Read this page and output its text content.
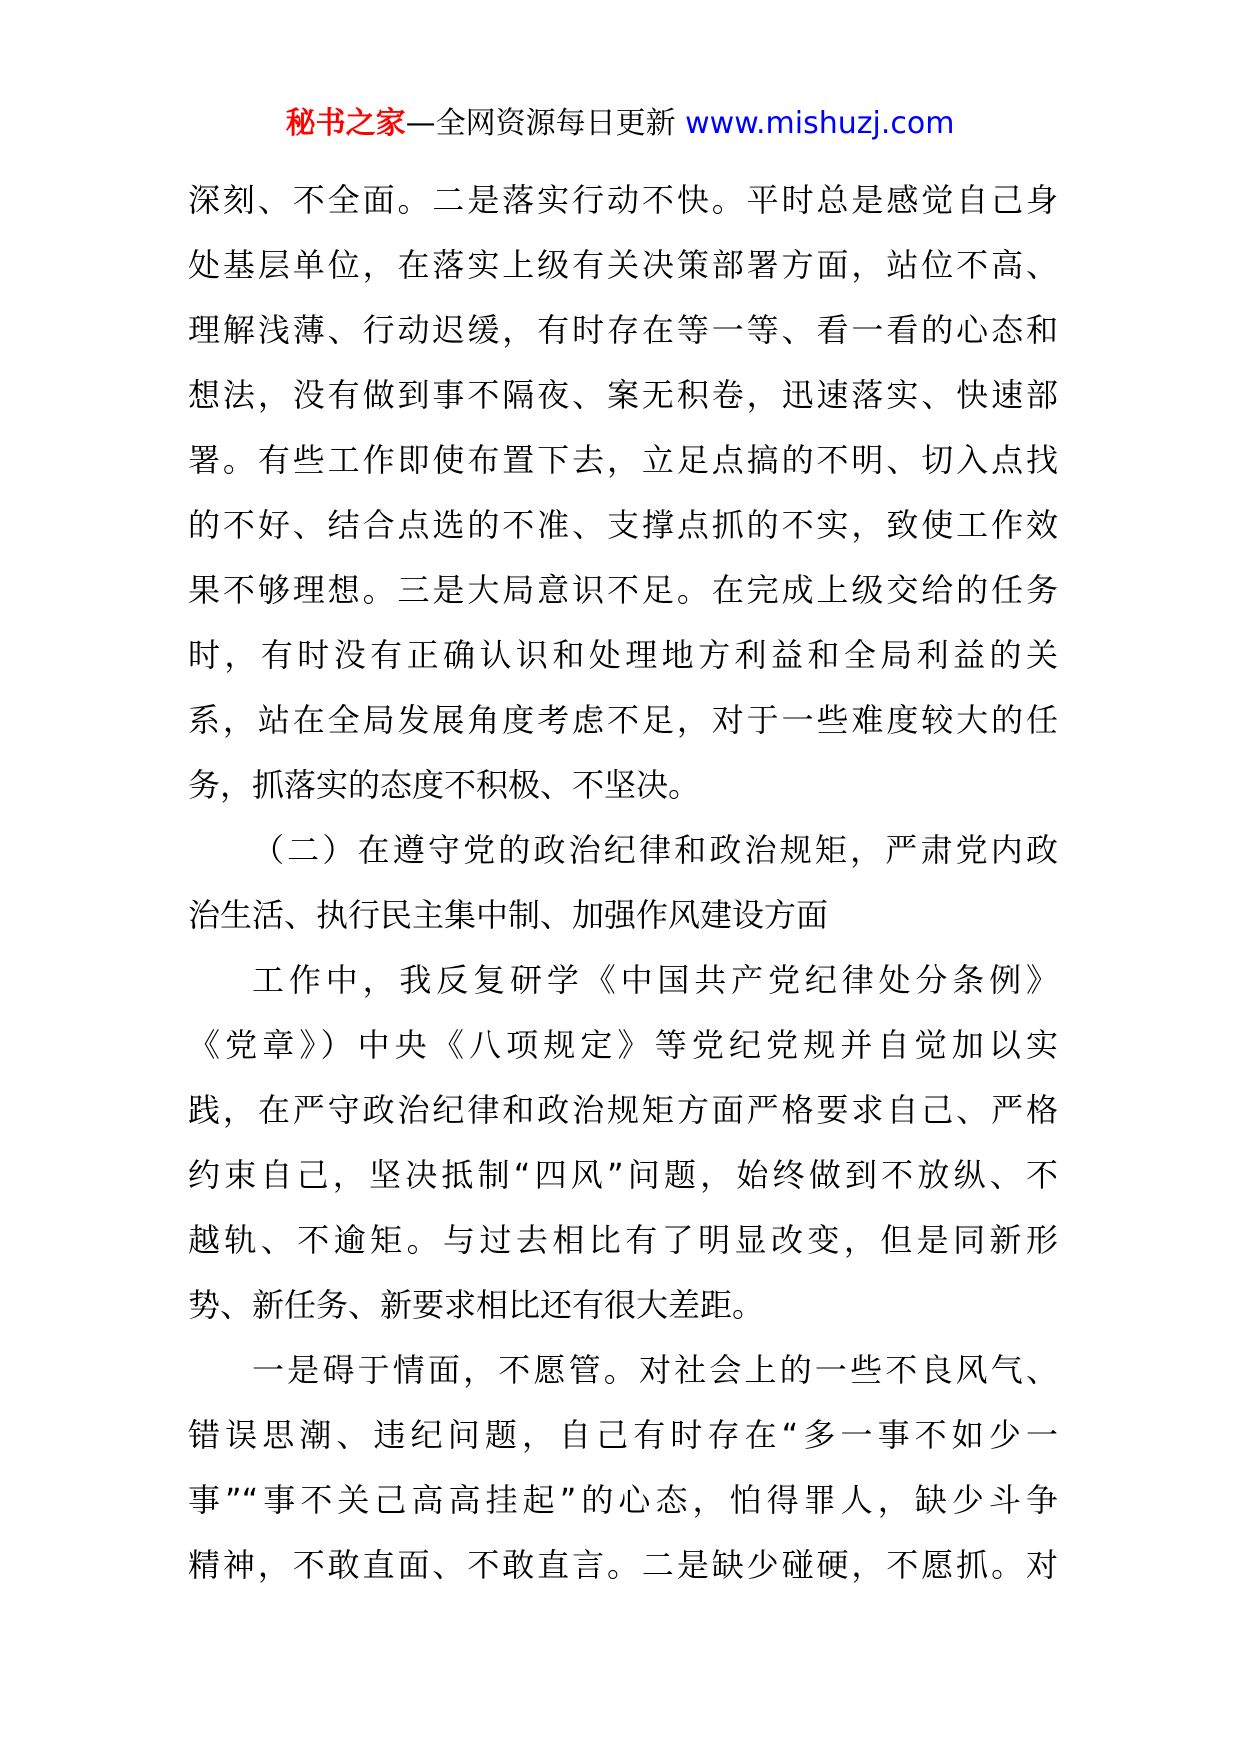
秘书之家—全网资源每日更新 www.mishuzj.com
深刻、不全面。二是落实行动不快。平时总是感觉自己身
处基层单位，在落实上级有关决策部署方面，站位不高、
理解浅薄、行动迟缓，有时存在等一等、看一看的心态和
想法，没有做到事不隔夜、案无积卷，迅速落实、快速部
署。有些工作即使布置下去，立足点搞的不明、切入点找
的不好、结合点选的不准、支撑点抓的不实，致使工作效
果不够理想。三是大局意识不足。在完成上级交给的任务
时，有时没有正确认识和处理地方利益和全局利益的关
系，站在全局发展角度考虑不足，对于一些难度较大的任
务，抓落实的态度不积极、不坚决。
（二）在遵守党的政治纪律和政治规矩，严肃党内政
治生活、执行民主集中制、加强作风建设方面
工作中，我反复研学《中国共产党纪律处分条例》
《党章》）中央《八项规定》等党纪党规并自觉加以实
践，在严守政治纪律和政治规矩方面严格要求自己、严格
约束自己，坚决抵制“四风”问题，始终做到不放纵、不
越轨、不逾矩。与过去相比有了明显改变，但是同新形
势、新任务、新要求相比还有很大差距。
一是碍于情面，不愿管。对社会上的一些不良风气、
错误思潮、违纪问题，自己有时存在“多一事不如少一
事”“事不关己高高挂起”的心态，怕得罪人，缺少斗争
精神，不敢直面、不敢直言。二是缺少碰硬，不愿抓。对
